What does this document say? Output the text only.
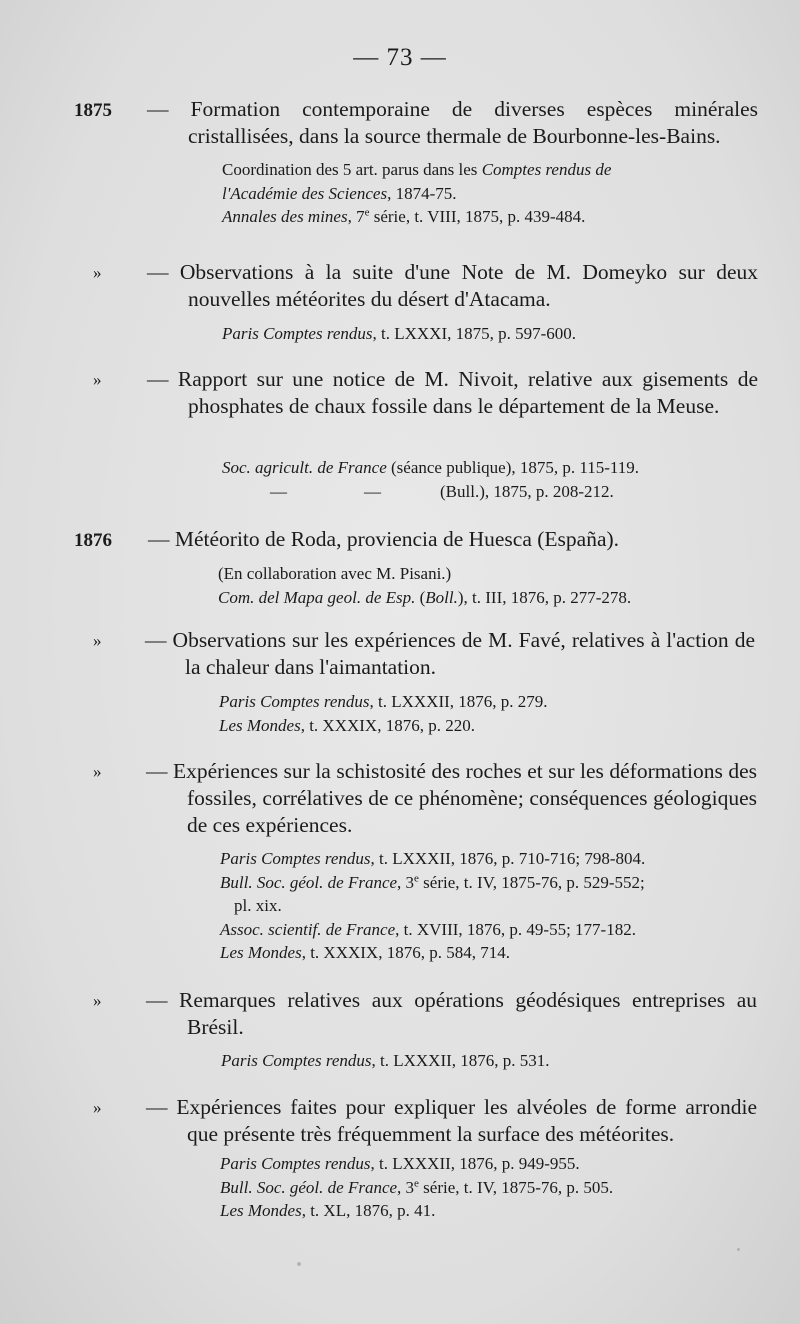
— 73 —
1875 — Formation contemporaine de diverses espèces minérales cristallisées, dans la source thermale de Bourbonne-les-Bains.
Coordination des 5 art. parus dans les Comptes rendus de
l'Académie des Sciences, 1874-75.
Annales des mines, 7e série, t. VIII, 1875, p. 439-484.
» — Observations à la suite d'une Note de M. Domeyko sur deux nouvelles météorites du désert d'Atacama.
Paris Comptes rendus, t. LXXXI, 1875, p. 597-600.
» — Rapport sur une notice de M. Nivoit, relative aux gisements de phosphates de chaux fossile dans le département de la Meuse.
Soc. agricult. de France (séance publique), 1875, p. 115-119.
—	—	(Bull.), 1875, p. 208-212.
1876 — Météorito de Roda, proviencia de Huesca (España).
(En collaboration avec M. Pisani.)
Com. del Mapa geol. de Esp. (Boll.), t. III, 1876, p. 277-278.
» — Observations sur les expériences de M. Favé, relatives à l'action de la chaleur dans l'aimantation.
Paris Comptes rendus, t. LXXXII, 1876, p. 279.
Les Mondes, t. XXXIX, 1876, p. 220.
» — Expériences sur la schistosité des roches et sur les déformations des fossiles, corrélatives de ce phénomène; conséquences géologiques de ces expériences.
Paris Comptes rendus, t. LXXXII, 1876, p. 710-716; 798-804.
Bull. Soc. géol. de France, 3e série, t. IV, 1875-76, p. 529-552;
pl. xix.
Assoc. scientif. de France, t. XVIII, 1876, p. 49-55; 177-182.
Les Mondes, t. XXXIX, 1876, p. 584, 714.
» — Remarques relatives aux opérations géodésiques entreprises au Brésil.
Paris Comptes rendus, t. LXXXII, 1876, p. 531.
» — Expériences faites pour expliquer les alvéoles de forme arrondie que présente très fréquemment la surface des météorites.
Paris Comptes rendus, t. LXXXII, 1876, p. 949-955.
Bull. Soc. géol. de France, 3e série, t. IV, 1875-76, p. 505.
Les Mondes, t. XL, 1876, p. 41.
